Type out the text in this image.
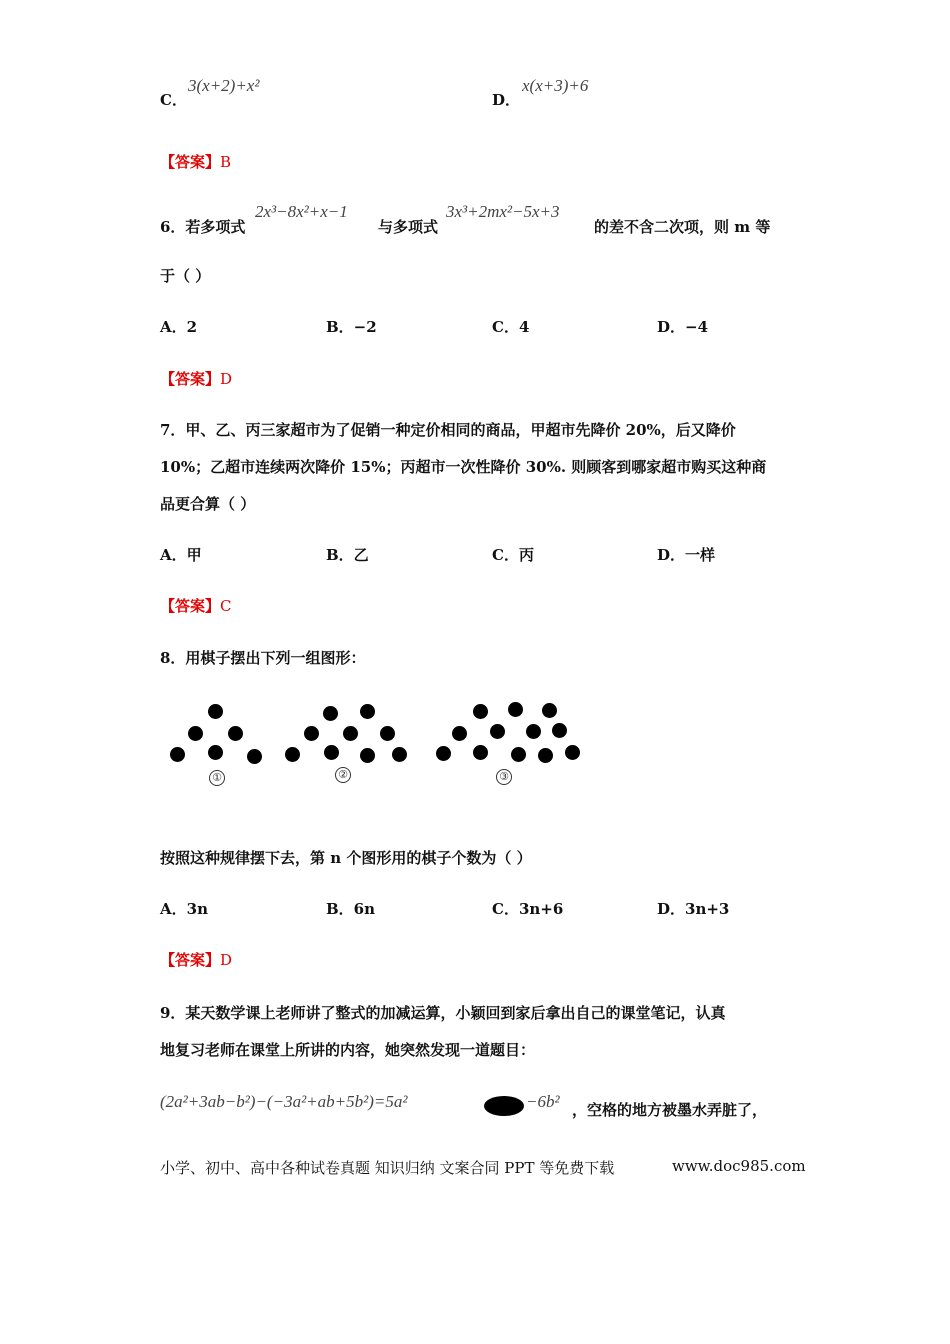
C．
3(x+2)+x²
D．
x(x+3)+6
【答案】B
6．若多项式
2x³−8x²+x−1
与多项式
3x³+2mx²−5x+3
的差不含二次项，则 m 等
于（ ）
A．2	B．−2	C．4	D．−4
【答案】D
7．甲、乙、丙三家超市为了促销一种定价相同的商品，甲超市先降价 20%，后又降价
10%；乙超市连续两次降价 15%；丙超市一次性降价 30%. 则顾客到哪家超市购买这种商
品更合算（ ）
A．甲	B．乙	C．丙	D．一样
【答案】C
8．用棋子摆出下列一组图形：
①	②	③
按照这种规律摆下去，第 n 个图形用的棋子个数为（ ）
A．3n	B．6n	C．3n+6	D．3n+3
【答案】D
9．某天数学课上老师讲了整式的加减运算，小颖回到家后拿出自己的课堂笔记，认真
地复习老师在课堂上所讲的内容，她突然发现一道题目：
(2a²+3ab−b²)−(−3a²+ab+5b²)=5a²	−6b² ，空格的地方被墨水弄脏了，
小学、初中、高中各种试卷真题 知识归纳 文案合同 PPT 等免费下载	www.doc985.com
